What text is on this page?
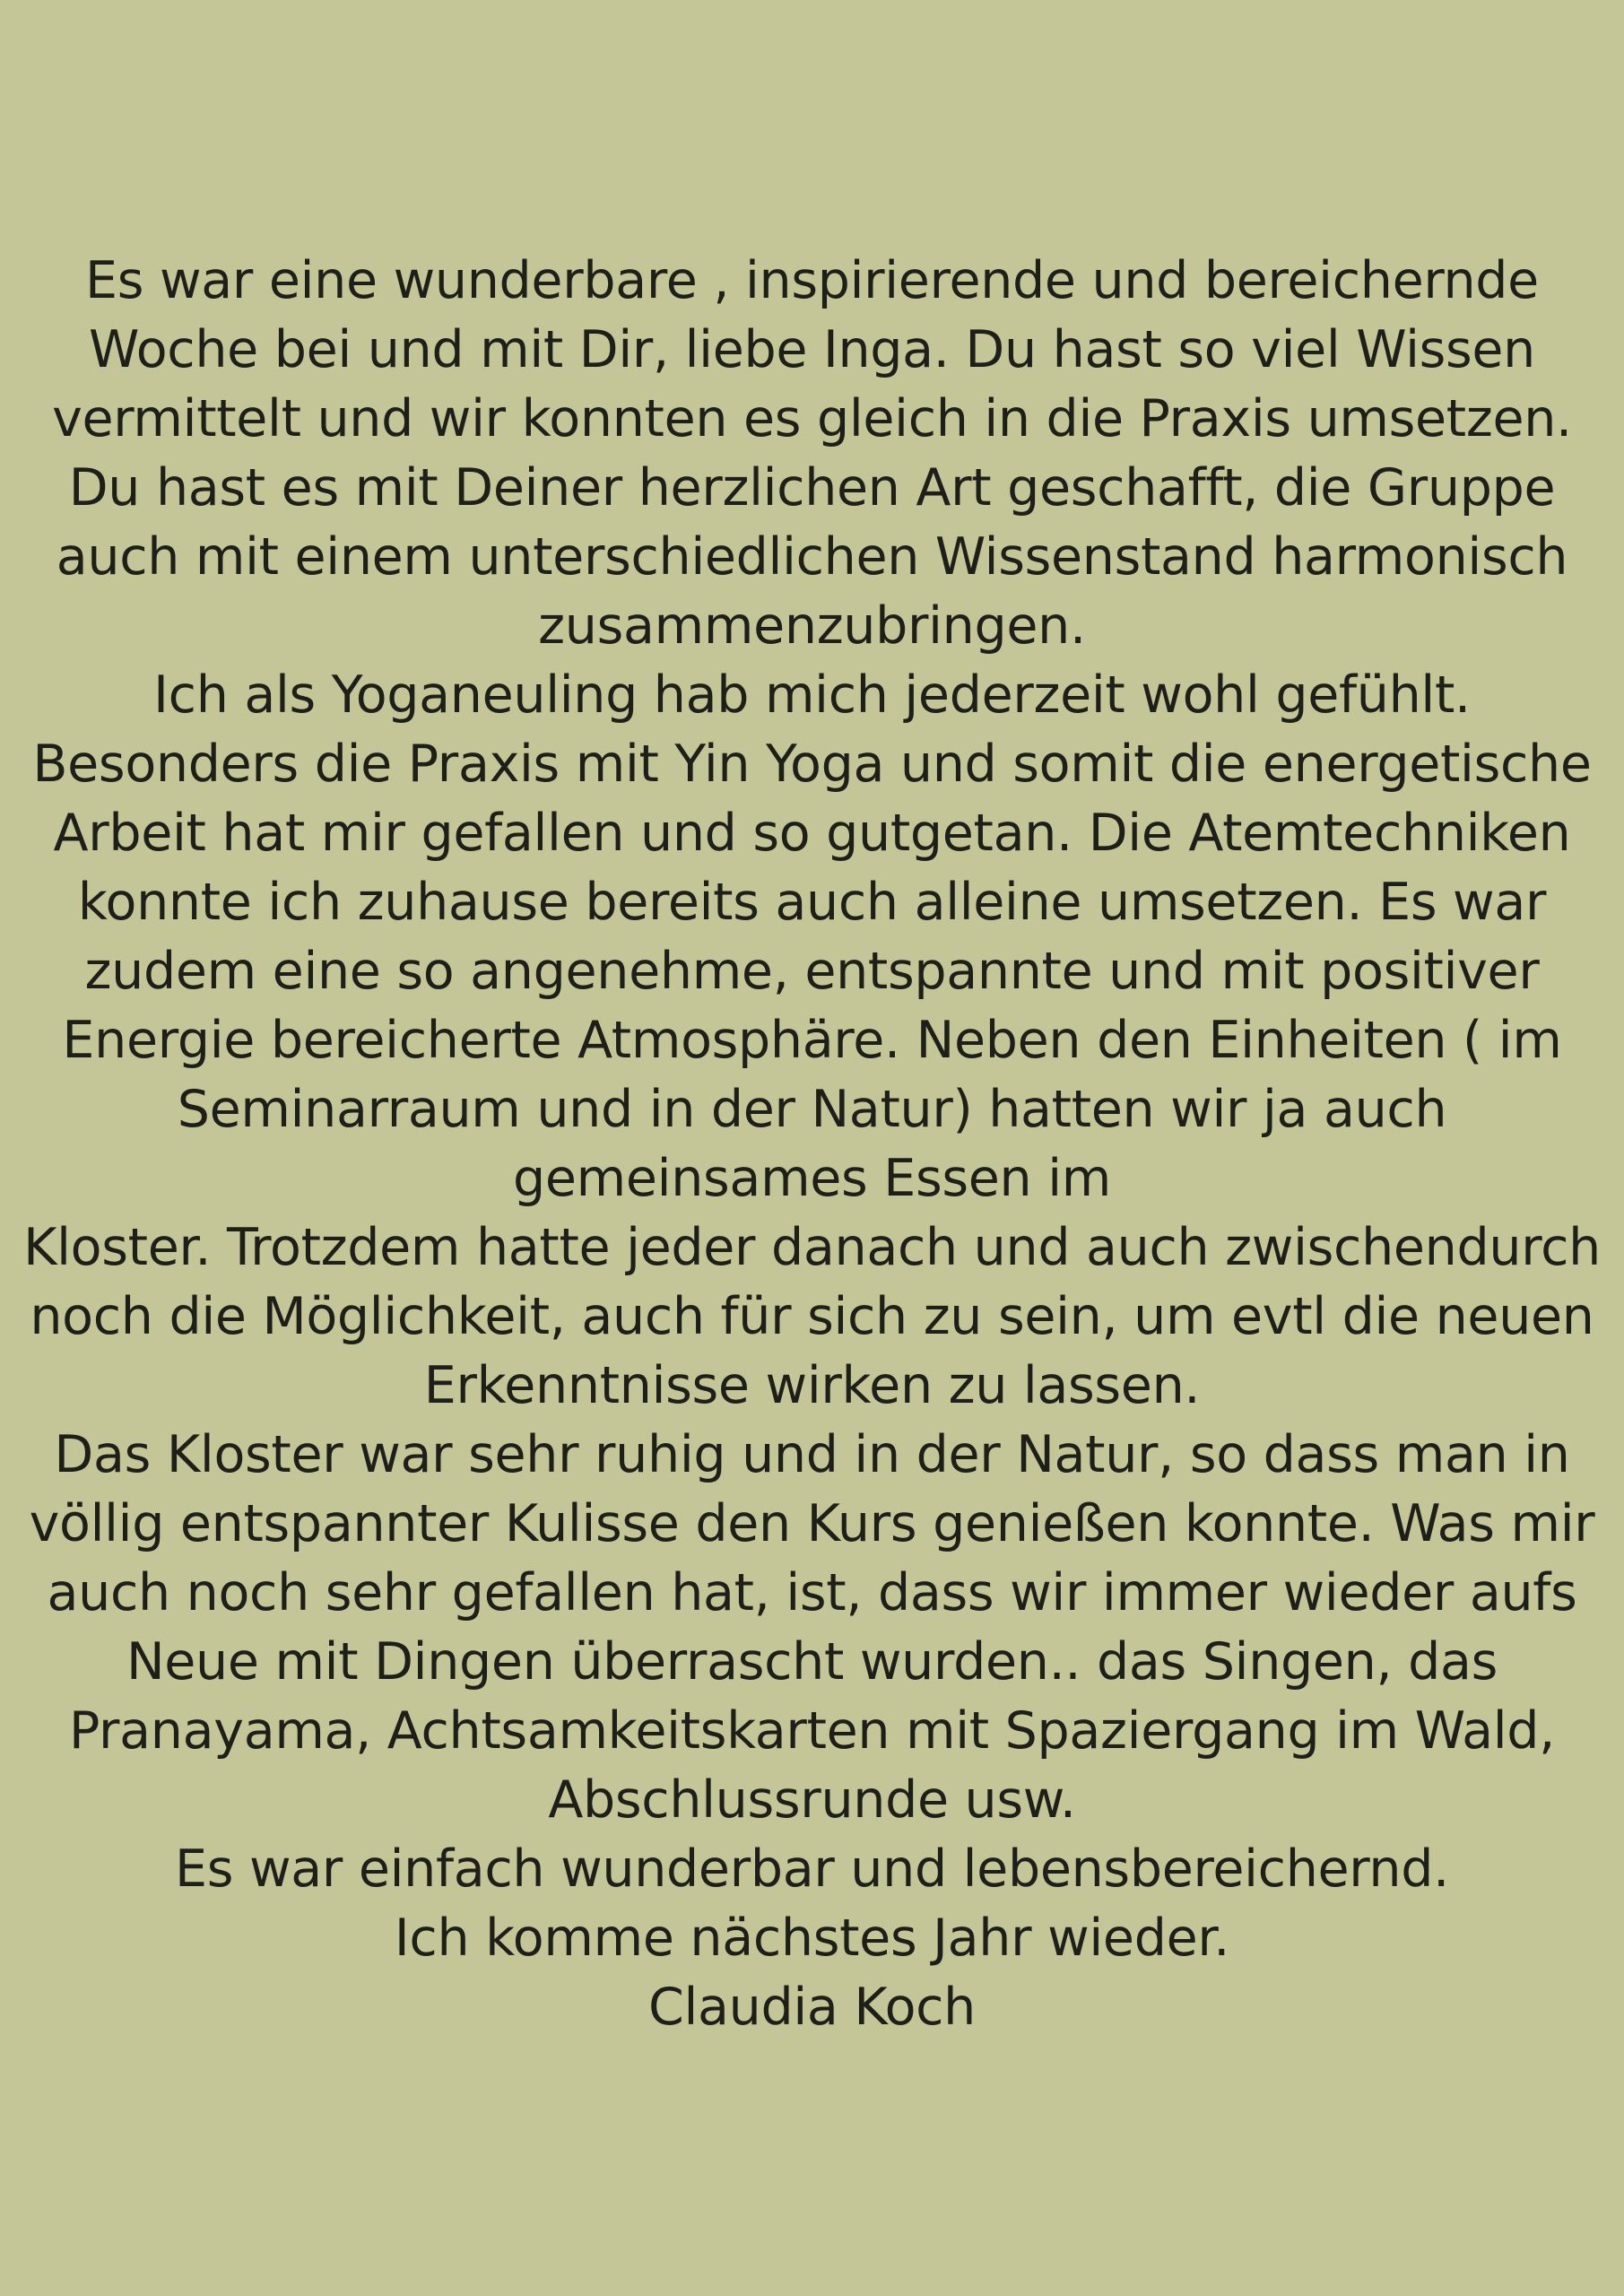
Es war eine wunderbare , inspirierende und bereichernde
Woche bei und mit Dir, liebe Inga. Du hast so viel Wissen
vermittelt und wir konnten es gleich in die Praxis umsetzen.
Du hast es mit Deiner herzlichen Art geschafft, die Gruppe
auch mit einem unterschiedlichen Wissenstand harmonisch
zusammenzubringen.
Ich als Yoganeuling hab mich jederzeit wohl gefühlt.
Besonders die Praxis mit Yin Yoga und somit die energetische
Arbeit hat mir gefallen und so gutgetan. Die Atemtechniken
konnte ich zuhause bereits auch alleine umsetzen. Es war
zudem eine so angenehme, entspannte und mit positiver
Energie bereicherte Atmosphäre. Neben den Einheiten ( im
Seminarraum und in der Natur) hatten wir ja auch
gemeinsames Essen im
Kloster. Trotzdem hatte jeder danach und auch zwischendurch
noch die Möglichkeit, auch für sich zu sein, um evtl die neuen
Erkenntnisse wirken zu lassen.
Das Kloster war sehr ruhig und in der Natur, so dass man in
völlig entspannter Kulisse den Kurs genießen konnte. Was mir
auch noch sehr gefallen hat, ist, dass wir immer wieder aufs
Neue mit Dingen überrascht wurden.. das Singen, das
Pranayama, Achtsamkeitskarten mit Spaziergang im Wald,
Abschlussrunde usw.
Es war einfach wunderbar und lebensbereichernd.
Ich komme nächstes Jahr wieder.
Claudia Koch
